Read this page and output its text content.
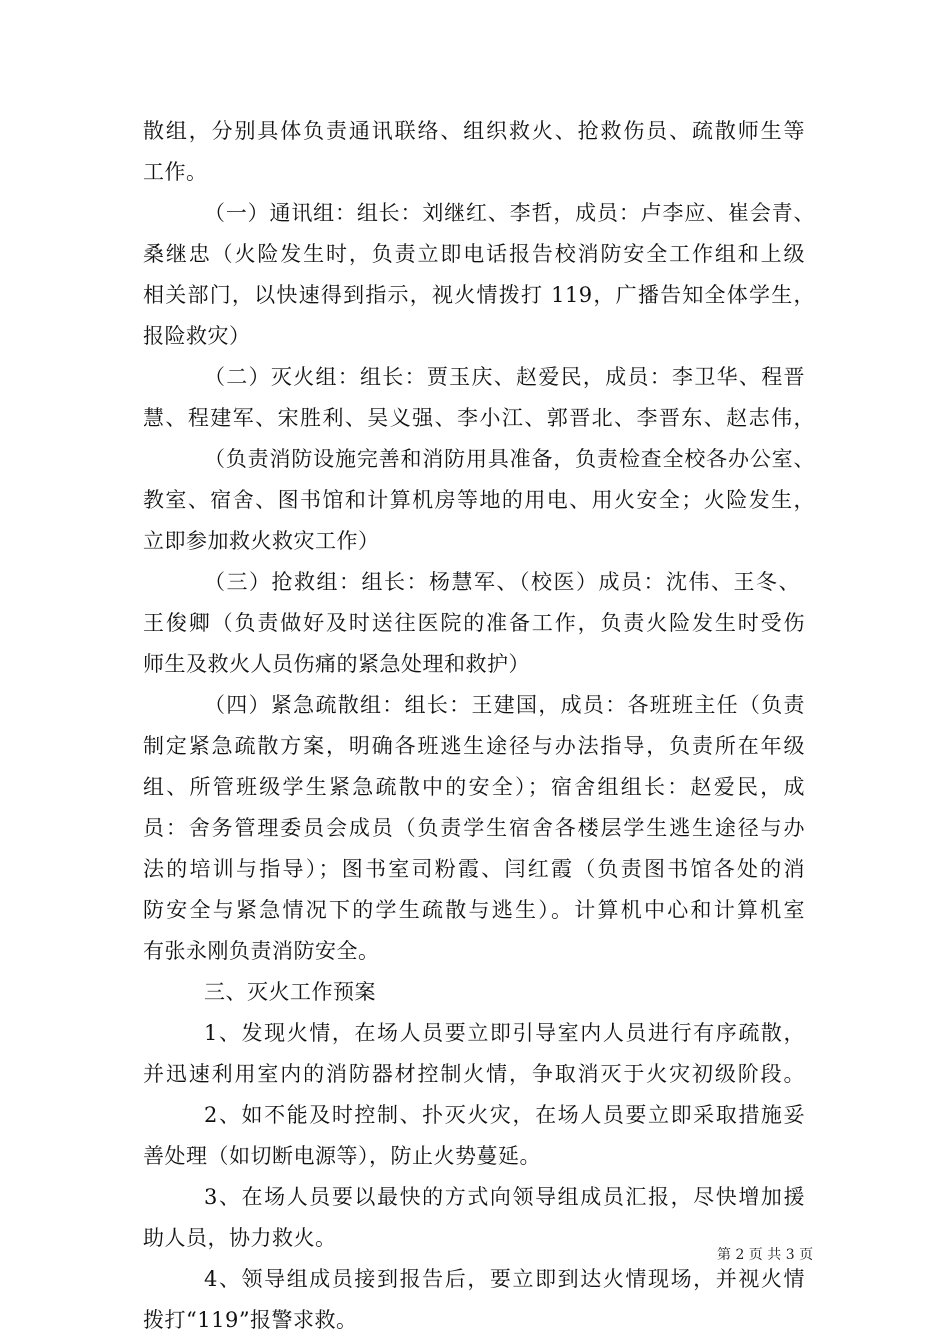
散组，分别具体负责通讯联络、组织救火、抢救伤员、疏散师生等
工作。
（一）通讯组：组长：刘继红、李哲，成员：卢李应、崔会青、
桑继忠（火险发生时，负责立即电话报告校消防安全工作组和上级
相关部门，以快速得到指示，视火情拨打 119，广播告知全体学生，
报险救灾）
（二）灭火组：组长：贾玉庆、赵爱民，成员：李卫华、程晋
慧、程建军、宋胜利、吴义强、李小江、郭晋北、李晋东、赵志伟，
（负责消防设施完善和消防用具准备，负责检查全校各办公室、
教室、宿舍、图书馆和计算机房等地的用电、用火安全；火险发生，
立即参加救火救灾工作）
（三）抢救组：组长：杨慧军、（校医）成员：沈伟、王冬、
王俊卿（负责做好及时送往医院的准备工作，负责火险发生时受伤
师生及救火人员伤痛的紧急处理和救护）
（四）紧急疏散组：组长：王建国，成员：各班班主任（负责
制定紧急疏散方案，明确各班逃生途径与办法指导，负责所在年级
组、所管班级学生紧急疏散中的安全）；宿舍组组长：赵爱民，成
员：舍务管理委员会成员（负责学生宿舍各楼层学生逃生途径与办
法的培训与指导）；图书室司粉霞、闫红霞（负责图书馆各处的消
防安全与紧急情况下的学生疏散与逃生）。计算机中心和计算机室
有张永刚负责消防安全。
三、灭火工作预案
1、发现火情，在场人员要立即引导室内人员进行有序疏散，
并迅速利用室内的消防器材控制火情，争取消灭于火灾初级阶段。
2、如不能及时控制、扑灭火灾，在场人员要立即采取措施妥
善处理（如切断电源等），防止火势蔓延。
3、在场人员要以最快的方式向领导组成员汇报，尽快增加援
助人员，协力救火。
4、领导组成员接到报告后，要立即到达火情现场，并视火情
拨打“119”报警求救。
第 2 页 共 3 页
